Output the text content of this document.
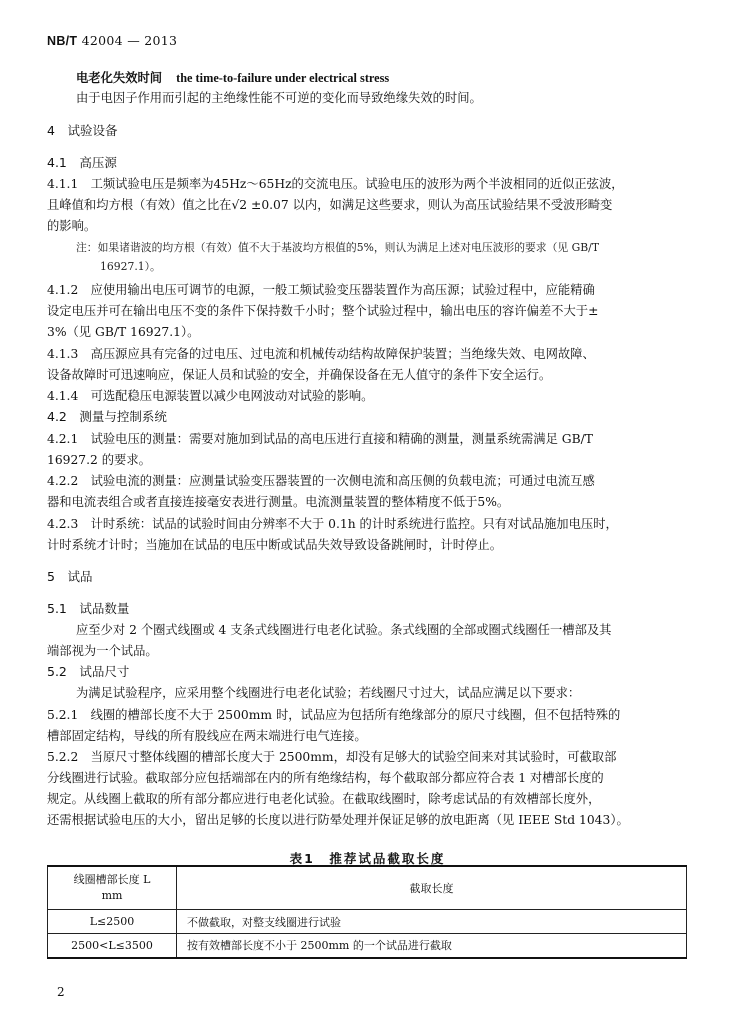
NB/T 42004 — 2013
电老化失效时间 the time-to-failure under electrical stress
由于电因子作用而引起的主绝缘性能不可逆的变化而导致绝缘失效的时间。
4　试验设备
4.1　高压源
4.1.1　工频试验电压是频率为45Hz～65Hz的交流电压。试验电压的波形为两个半波相同的近似正弦波，
且峰值和均方根（有效）值之比在√2 ±0.07 以内，如满足这些要求，则认为高压试验结果不受波形畸变
的影响。
注：如果诸谐波的均方根（有效）值不大于基波均方根值的5%，则认为满足上述对电压波形的要求（见 GB/T
16927.1）。
4.1.2　应使用输出电压可调节的电源，一般工频试验变压器装置作为高压源；试验过程中，应能精确
设定电压并可在输出电压不变的条件下保持数千小时；整个试验过程中，输出电压的容许偏差不大于±
3%（见 GB/T 16927.1）。
4.1.3　高压源应具有完备的过电压、过电流和机械传动结构故障保护装置；当绝缘失效、电网故障、
设备故障时可迅速响应，保证人员和试验的安全，并确保设备在无人值守的条件下安全运行。
4.1.4　可选配稳压电源装置以减少电网波动对试验的影响。
4.2　测量与控制系统
4.2.1　试验电压的测量：需要对施加到试品的高电压进行直接和精确的测量，测量系统需满足 GB/T
16927.2 的要求。
4.2.2　试验电流的测量：应测量试验变压器装置的一次侧电流和高压侧的负载电流；可通过电流互感
器和电流表组合或者直接连接毫安表进行测量。电流测量装置的整体精度不低于5%。
4.2.3　计时系统：试品的试验时间由分辨率不大于 0.1h 的计时系统进行监控。只有对试品施加电压时，
计时系统才计时；当施加在试品的电压中断或试品失效导致设备跳闸时，计时停止。
5　试品
5.1　试品数量
应至少对 2 个圈式线圈或 4 支条式线圈进行电老化试验。条式线圈的全部或圈式线圈任一槽部及其
端部视为一个试品。
5.2　试品尺寸
为满足试验程序，应采用整个线圈进行电老化试验；若线圈尺寸过大，试品应满足以下要求：
5.2.1　线圈的槽部长度不大于 2500mm 时，试品应为包括所有绝缘部分的原尺寸线圈，但不包括特殊的
槽部固定结构，导线的所有股线应在两末端进行电气连接。
5.2.2　当原尺寸整体线圈的槽部长度大于 2500mm，却没有足够大的试验空间来对其试验时，可截取部
分线圈进行试验。截取部分应包括端部在内的所有绝缘结构，每个截取部分都应符合表 1 对槽部长度的
规定。从线圈上截取的所有部分都应进行电老化试验。在截取线圈时，除考虑试品的有效槽部长度外，
还需根据试验电压的大小，留出足够的长度以进行防晕处理并保证足够的放电距离（见 IEEE Std 1043）。
表1　推荐试品截取长度
线圈槽部长度 L
mm	截取长度
L≤2500	不做截取，对整支线圈进行试验
2500<L≤3500	按有效槽部长度不小于 2500mm 的一个试品进行截取
2
